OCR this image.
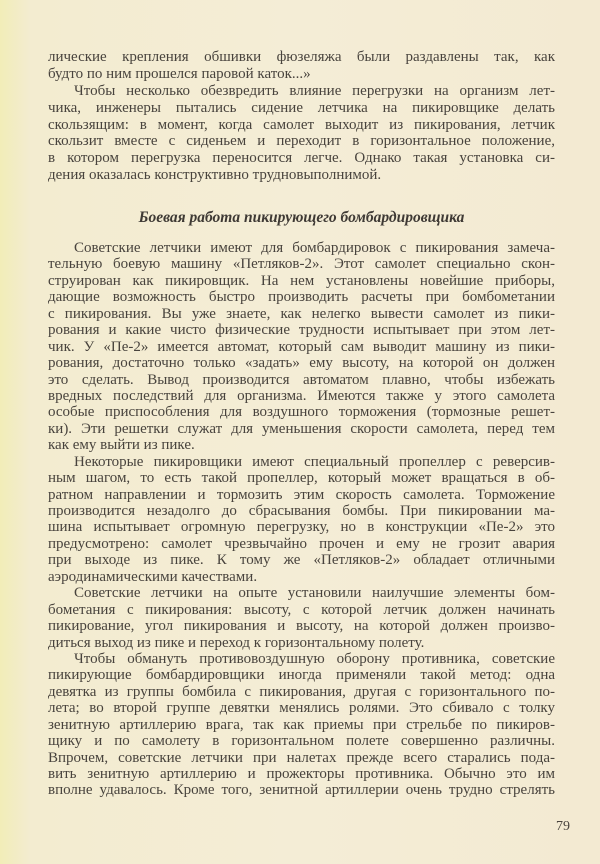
лические крепления обшивки фюзеляжа были раздавлены так, как
будто по ним прошелся паровой каток...»
Чтобы несколько обезвредить влияние перегрузки на организм лет-
чика, инженеры пытались сидение летчика на пикировщике делать
скользящим: в момент, когда самолет выходит из пикирования, летчик
скользит вместе с сиденьем и переходит в горизонтальное положение,
в котором перегрузка переносится легче. Однако такая установка си-
дения оказалась конструктивно трудновыполнимой.
Боевая работа пикирующего бомбардировщика
Советские летчики имеют для бомбардировок с пикирования замеча-
тельную боевую машину «Петляков-2». Этот самолет специально скон-
струирован как пикировщик. На нем установлены новейшие приборы,
дающие возможность быстро производить расчеты при бомбометании
с пикирования. Вы уже знаете, как нелегко вывести самолет из пики-
рования и какие чисто физические трудности испытывает при этом лет-
чик. У «Пе-2» имеется автомат, который сам выводит машину из пики-
рования, достаточно только «задать» ему высоту, на которой он должен
это сделать. Вывод производится автоматом плавно, чтобы избежать
вредных последствий для организма. Имеются также у этого самолета
особые приспособления для воздушного торможения (тормозные решет-
ки). Эти решетки служат для уменьшения скорости самолета, перед тем
как ему выйти из пике.
Некоторые пикировщики имеют специальный пропеллер с реверсив-
ным шагом, то есть такой пропеллер, который может вращаться в об-
ратном направлении и тормозить этим скорость самолета. Торможение
производится незадолго до сбрасывания бомбы. При пикировании ма-
шина испытывает огромную перегрузку, но в конструкции «Пе-2» это
предусмотрено: самолет чрезвычайно прочен и ему не грозит авария
при выходе из пике. К тому же «Петляков-2» обладает отличными
аэродинамическими качествами.
Советские летчики на опыте установили наилучшие элементы бом-
бометания с пикирования: высоту, с которой летчик должен начинать
пикирование, угол пикирования и высоту, на которой должен произво-
диться выход из пике и переход к горизонтальному полету.
Чтобы обмануть противовоздушную оборону противника, советские
пикирующие бомбардировщики иногда применяли такой метод: одна
девятка из группы бомбила с пикирования, другая с горизонтального по-
лета; во второй группе девятки менялись ролями. Это сбивало с толку
зенитную артиллерию врага, так как приемы при стрельбе по пикиров-
щику и по самолету в горизонтальном полете совершенно различны.
Впрочем, советские летчики при налетах прежде всего старались пода-
вить зенитную артиллерию и прожекторы противника. Обычно это им
вполне удавалось. Кроме того, зенитной артиллерии очень трудно стрелять
79
